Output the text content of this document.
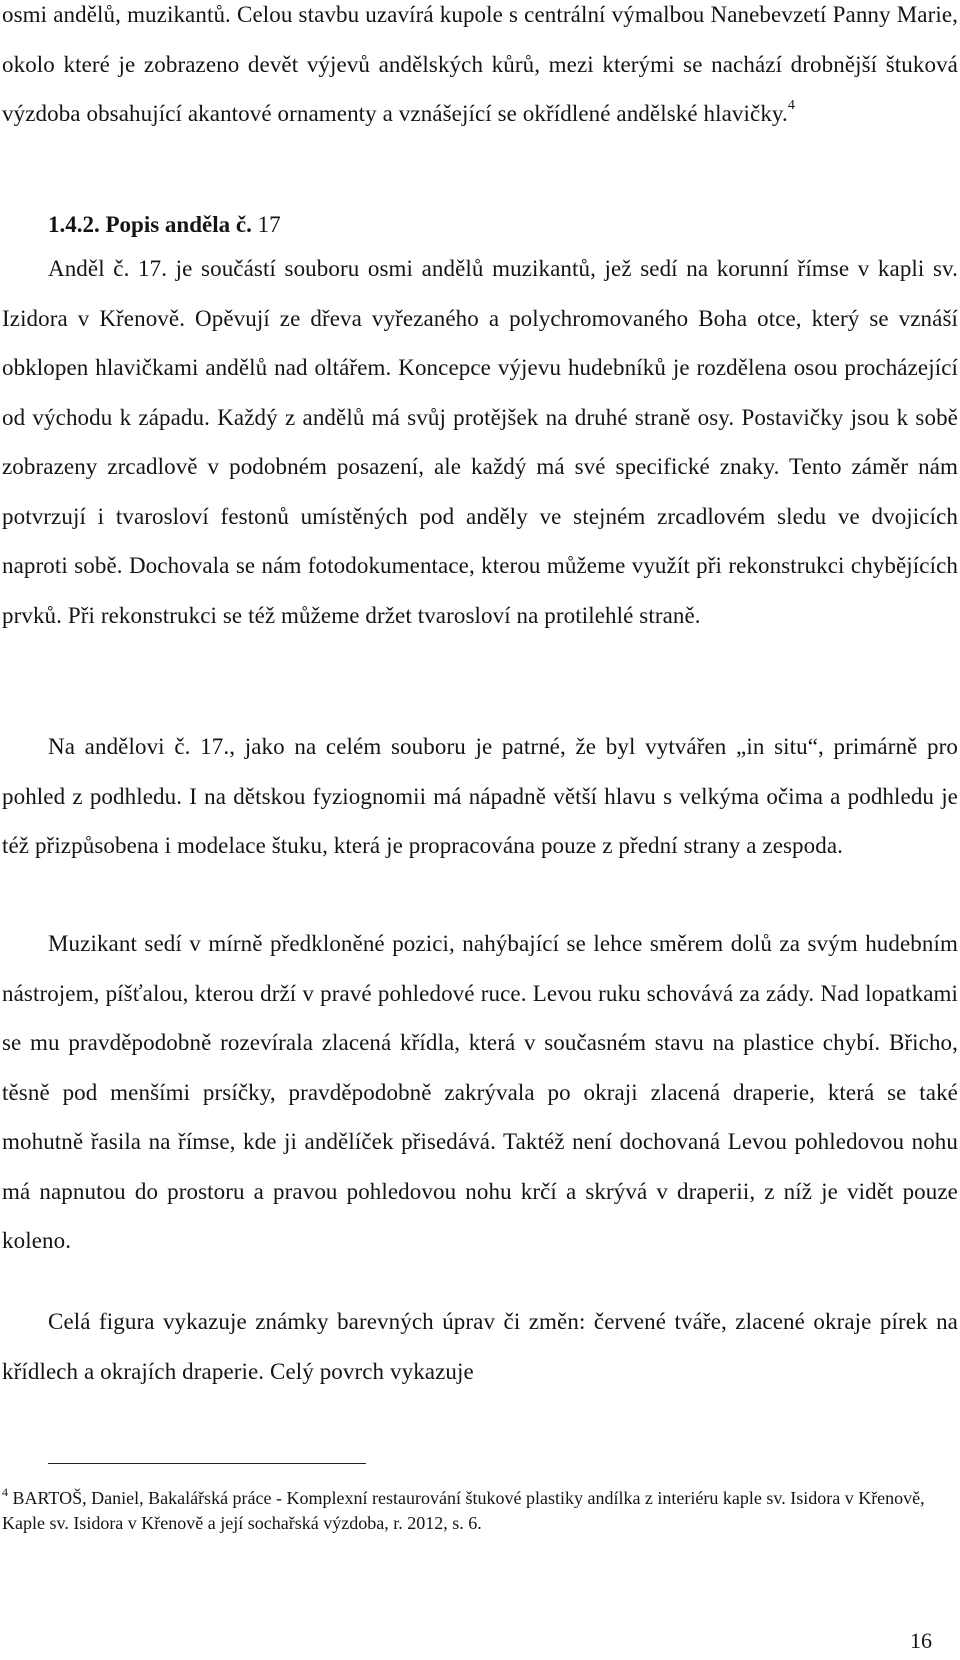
osmi andělů, muzikantů. Celou stavbu uzavírá kupole s centrální výmalbou Nanebevzetí Panny Marie, okolo které je zobrazeno devět výjevů andělských kůrů, mezi kterými se nachází drobnější štuková výzdoba obsahující akantové ornamenty a vznášející se okřídlené andělské hlavičky.$^4$

1.4.2. Popis anděla č. 17

Anděl č. 17. je součástí souboru osmi andělů muzikantů, jež sedí na korunní římse v kapli sv. Izidora v Křenově. Opěvují ze dřeva vyřezaného a polychromovaného Boha otce, který se vznáší obklopen hlavičkami andělů nad oltářem. Koncepce výjevu hudebníků je rozdělena osou procházející od východu k západu. Každý z andělů má svůj protějšek na druhé straně osy. Postavičky jsou k sobě zobrazeny zrcadlově v podobném posazení, ale každý má své specifické znaky. Tento záměr nám potvrzují i tvarosloví festonů umístěných pod anděly ve stejném zrcadlovém sledu ve dvojicích naproti sobě. Dochovala se nám fotodokumentace, kterou můžeme využít při rekonstrukci chybějících prvků. Při rekonstrukci se též můžeme držet tvarosloví na protilehlé straně.

Na andělovi č. 17., jako na celém souboru je patrné, že byl vytvářen „in situ“, primárně pro pohled z podhledu. I na dětskou fyziognomii má nápadně větší hlavu s velkýma očima a podhledu je též přizpůsobena i modelace štuku, která je propracována pouze z přední strany a zespoda.

Muzikant sedí v mírně předkloněné pozici, nahýbající se lehce směrem dolů za svým hudebním nástrojem, píšťalou, kterou drží v pravé pohledové ruce. Levou ruku schovává za zády. Nad lopatkami se mu pravděpodobně rozevírala zlacená křídla, která v současném stavu na plastice chybí. Břicho, těsně pod menšími prsíčky, pravděpodobně zakrývala po okraji zlacená draperie, která se také mohutně řasila na římse, kde ji andělíček přisedává. Taktéž není dochovaná Levou pohledovou nohu má napnutou do prostoru a pravou pohledovou nohu krčí a skrývá v draperii, z níž je vidět pouze koleno.

Celá figura vykazuje známky barevných úprav či změn: červené tváře, zlacené okraje pírek na křídlech a okrajích draperie. Celý povrch vykazuje

$^4$ BARTOŠ, Daniel, Bakalářská práce - Komplexní restaurování štukové plastiky andílka z interiéru kaple sv. Isidora v Křenově, Kaple sv. Isidora v Křenově a její sochařská výzdoba, r. 2012, s. 6.

16
